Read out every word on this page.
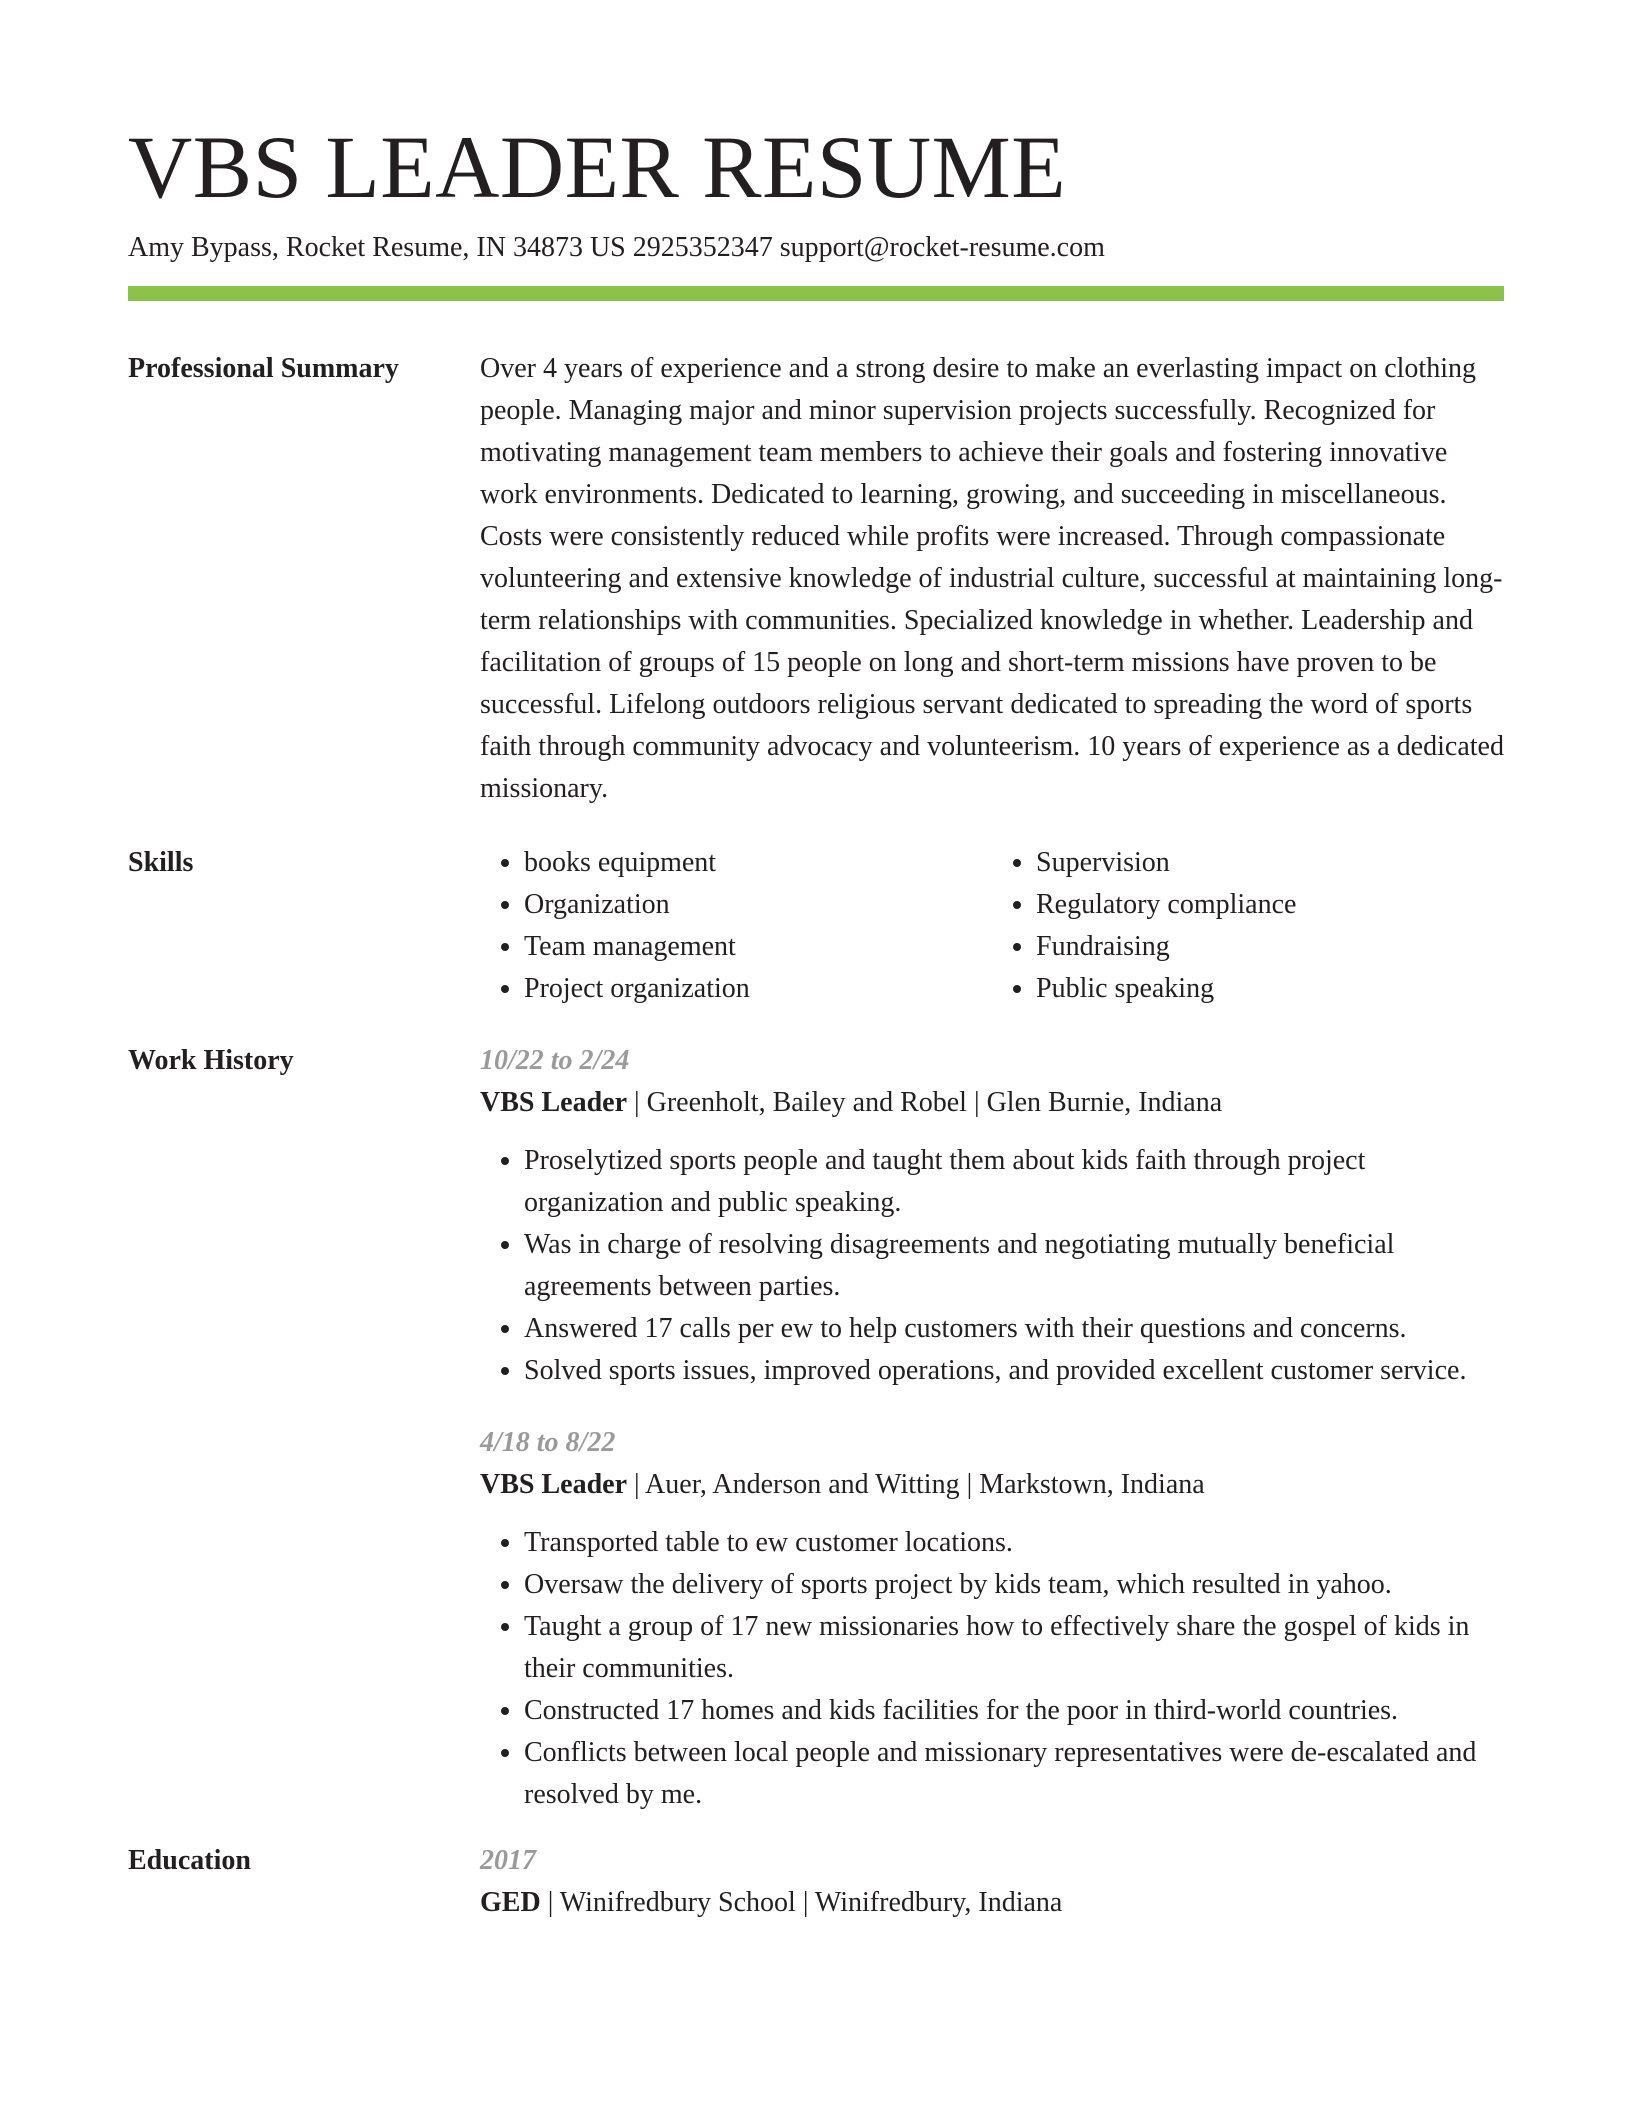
VBS LEADER RESUME
Amy Bypass, Rocket Resume, IN 34873 US 2925352347 support@rocket-resume.com
Professional Summary	Over 4 years of experience and a strong desire to make an everlasting impact on clothing people. Managing major and minor supervision projects successfully. Recognized for motivating management team members to achieve their goals and fostering innovative work environments. Dedicated to learning, growing, and succeeding in miscellaneous. Costs were consistently reduced while profits were increased. Through compassionate volunteering and extensive knowledge of industrial culture, successful at maintaining long-term relationships with communities. Specialized knowledge in whether. Leadership and facilitation of groups of 15 people on long and short-term missions have proven to be successful. Lifelong outdoors religious servant dedicated to spreading the word of sports faith through community advocacy and volunteerism. 10 years of experience as a dedicated missionary.

Skills
•	books equipment
• Organization
• Team management
• Project organization
• Supervision
• Regulatory compliance
• Fundraising
• Public speaking
Work History	10/22 to 2/24
VBS Leader | Greenholt, Bailey and Robel | Glen Burnie, Indiana
• Proselytized sports people and taught them about kids faith through project organization and public speaking.
• Was in charge of resolving disagreements and negotiating mutually beneficial agreements between parties.
• Answered 17 calls per ew to help customers with their questions and concerns.
• Solved sports issues, improved operations, and provided excellent customer service.
4/18 to 8/22
VBS Leader | Auer, Anderson and Witting | Markstown, Indiana
• Transported table to ew customer locations.
• Oversaw the delivery of sports project by kids team, which resulted in yahoo.
• Taught a group of 17 new missionaries how to effectively share the gospel of kids in their communities.
• Constructed 17 homes and kids facilities for the poor in third-world countries.
• Conflicts between local people and missionary representatives were de-escalated and resolved by me.
Education	2017
GED | Winifredbury School | Winifredbury, Indiana
